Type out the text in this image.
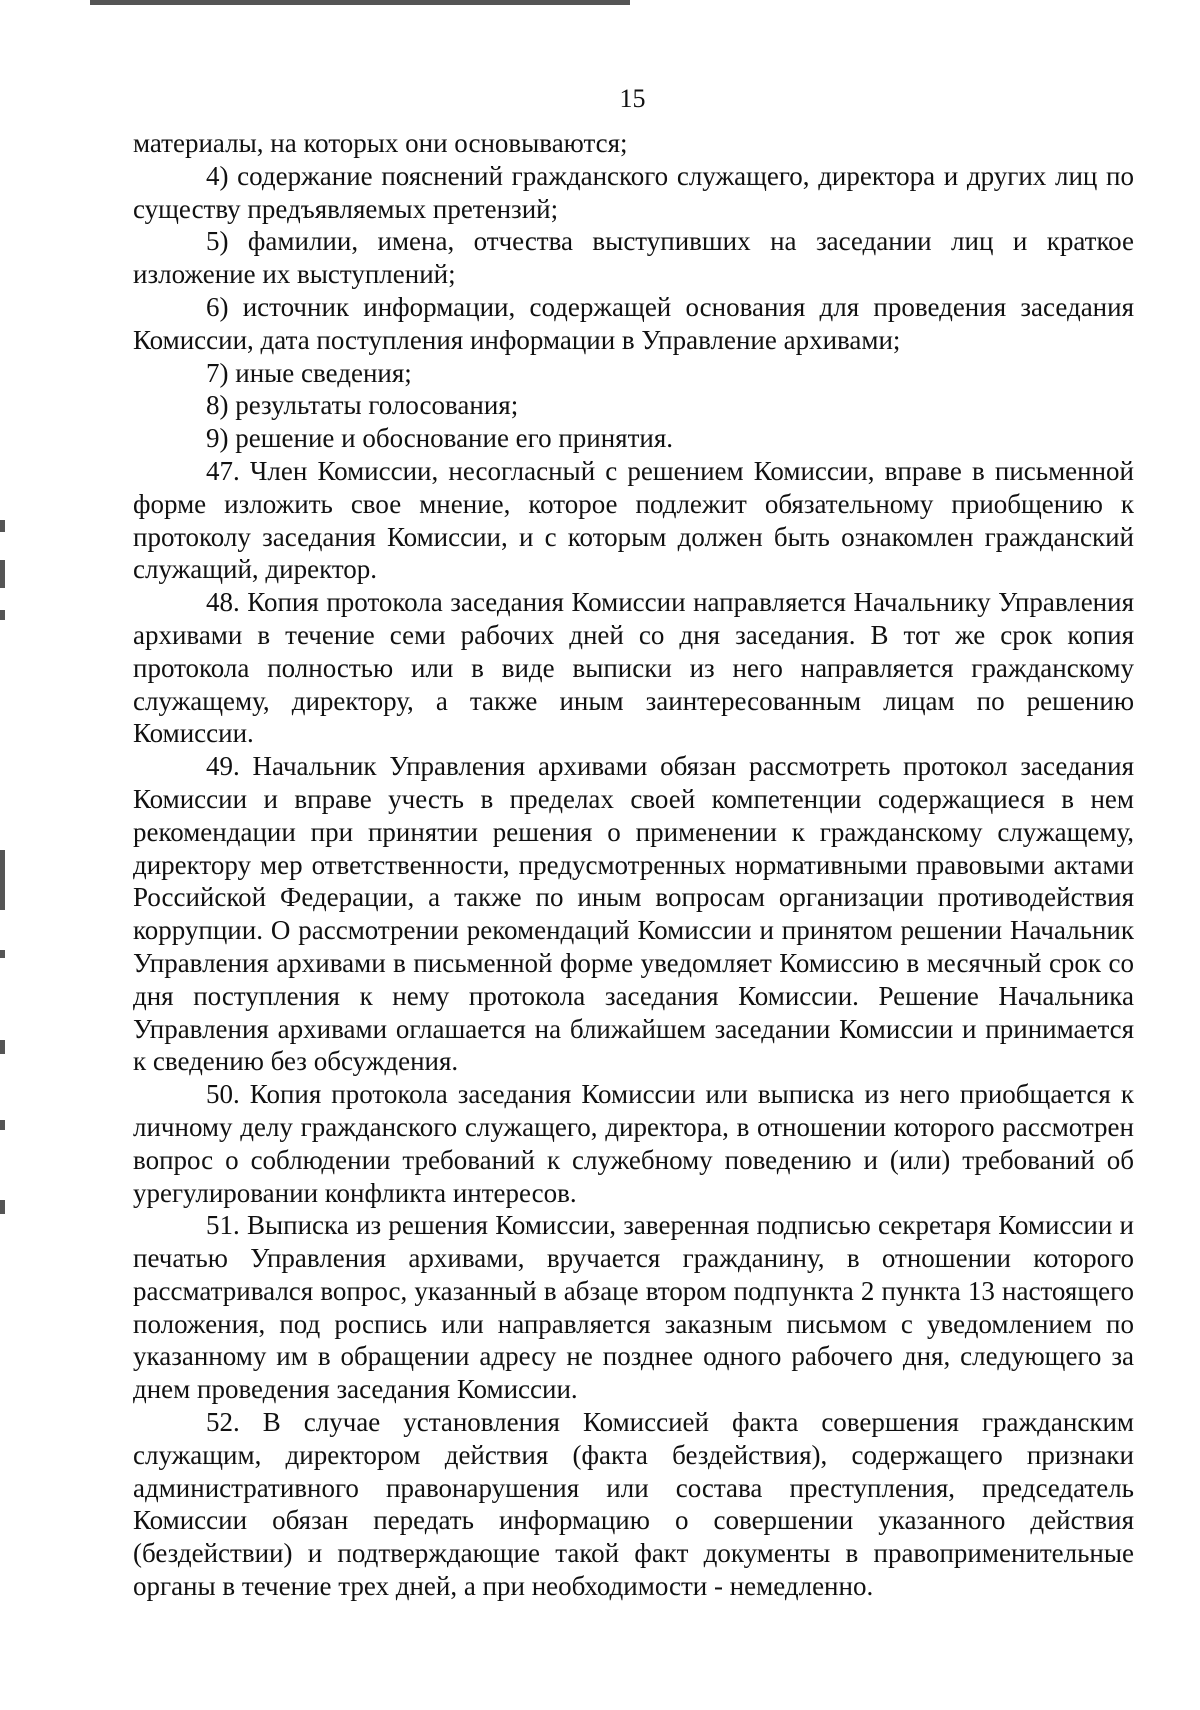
15

материалы, на которых они основываются;

4) содержание пояснений гражданского служащего, директора и других лиц по существу предъявляемых претензий;

5) фамилии, имена, отчества выступивших на заседании лиц и краткое изложение их выступлений;

6) источник информации, содержащей основания для проведения заседания Комиссии, дата поступления информации в Управление архивами;

7) иные сведения;

8) результаты голосования;

9) решение и обоснование его принятия.

47. Член Комиссии, несогласный с решением Комиссии, вправе в письменной форме изложить свое мнение, которое подлежит обязательному приобщению к протоколу заседания Комиссии, и с которым должен быть ознакомлен гражданский служащий, директор.

48. Копия протокола заседания Комиссии направляется Начальнику Управления архивами в течение семи рабочих дней со дня заседания. В тот же срок копия протокола полностью или в виде выписки из него направляется гражданскому служащему, директору, а также иным заинтересованным лицам по решению Комиссии.

49. Начальник Управления архивами обязан рассмотреть протокол заседания Комиссии и вправе учесть в пределах своей компетенции содержащиеся в нем рекомендации при принятии решения о применении к гражданскому служащему, директору мер ответственности, предусмотренных нормативными правовыми актами Российской Федерации, а также по иным вопросам организации противодействия коррупции. О рассмотрении рекомендаций Комиссии и принятом решении Начальник Управления архивами в письменной форме уведомляет Комиссию в месячный срок со дня поступления к нему протокола заседания Комиссии. Решение Начальника Управления архивами оглашается на ближайшем заседании Комиссии и принимается к сведению без обсуждения.

50. Копия протокола заседания Комиссии или выписка из него приобщается к личному делу гражданского служащего, директора, в отношении которого рассмотрен вопрос о соблюдении требований к служебному поведению и (или) требований об урегулировании конфликта интересов.

51. Выписка из решения Комиссии, заверенная подписью секретаря Комиссии и печатью Управления архивами, вручается гражданину, в отношении которого рассматривался вопрос, указанный в абзаце втором подпункта 2 пункта 13 настоящего положения, под роспись или направляется заказным письмом с уведомлением по указанному им в обращении адресу не позднее одного рабочего дня, следующего за днем проведения заседания Комиссии.

52. В случае установления Комиссией факта совершения гражданским служащим, директором действия (факта бездействия), содержащего признаки административного правонарушения или состава преступления, председатель Комиссии обязан передать информацию о совершении указанного действия (бездействии) и подтверждающие такой факт документы в правоприменительные органы в течение трех дней, а при необходимости - немедленно.
